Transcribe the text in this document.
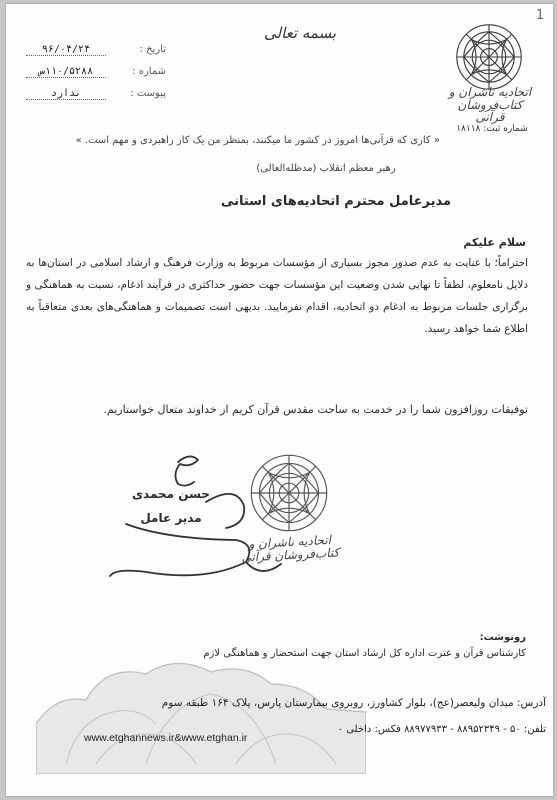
اتحادیه ناشران و کتاب‌فروشان قرآنی
شماره ثبت: ۱۸۱۱۸
بسمه تعالی
1
تاریخ :
۹۶/۰۴/۲۴
شماره :
۱۱۰/۵۲۸۸س
پیوست :
ندارد
« کاری که قرآنی‌ها امروز در کشور ما میکنند، بمنظر من یک کار راهبردی و مهم است. »
رهبر معظم انقلاب (مدظله‌العالی)
مدیرعامل محترم اتحادیه‌های استانی
سلام علیکم
احتراماً؛ با عنایت به عدم صدور مجوز بسیاری از مؤسسات مربوط به وزارت فرهنگ و ارشاد اسلامی در استان‌ها به دلایل نامعلوم، لطفاً تا نهایی شدن وضعیت این مؤسسات جهت حضور حداکثری در فرآیند ادغام، نسبت به هماهنگی و برگزاری جلسات مربوط به ادغام دو اتحادیه، اقدام نفرمایید. بدیهی است تصمیمات و هماهنگی‌های بعدی متعاقباً به اطلاع شما خواهد رسید.
توفیقات روزافزون شما را در خدمت به ساحت مقدس قرآن کریم از خداوند متعال خواستاریم.
حسن محمدی
مدیر عامل
اتحادیه ناشران و کتاب‌فروشان قرآنی
رونوشت:
کارشناس قرآن و عترت اداره کل ارشاد استان جهت استحضار و هماهنگی لازم
آدرس: میدان ولیعصر(عج)، بلوار کشاورز، روبروی بیمارستان پارس، پلاک ۱۶۴ طبقه سوم
تلفن: ۵۰ - ۸۸۹۵۲۳۴۹ - ۸۸۹۷۷۹۳۳ فکس: داخلی ۰
www.etghannews.ir&www.etghan.ir
